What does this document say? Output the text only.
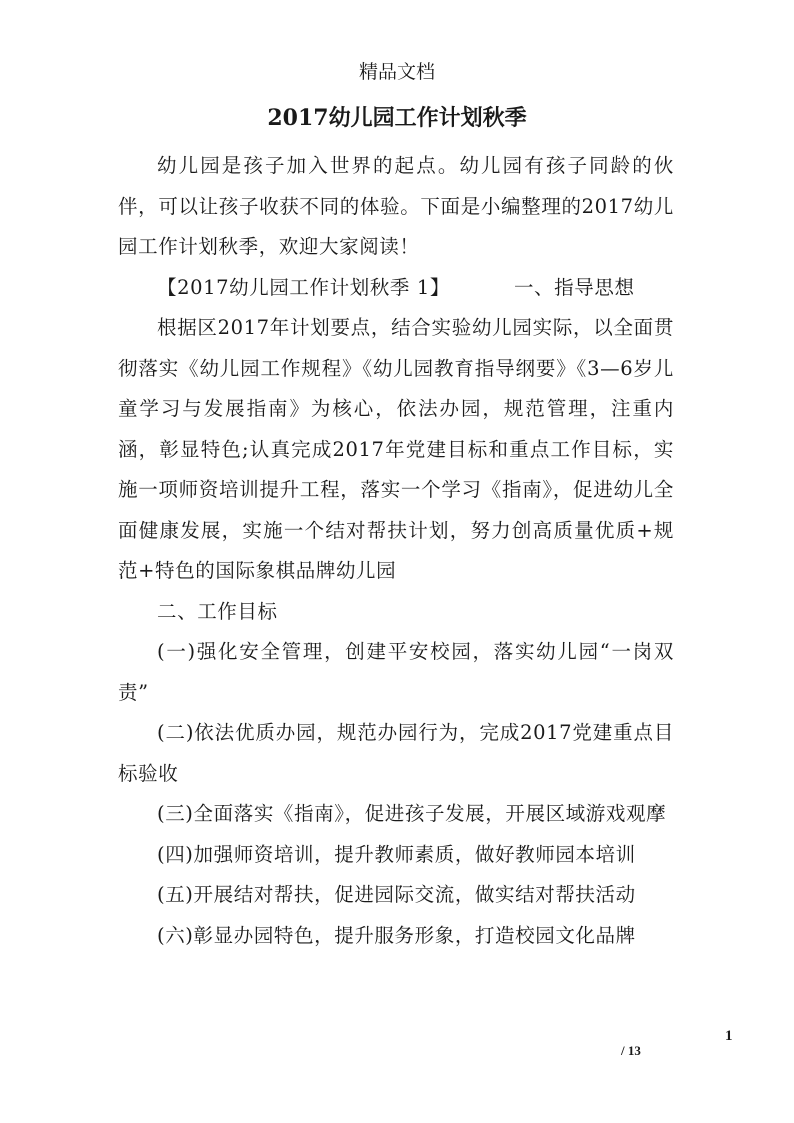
精品文档
2017幼儿园工作计划秋季

幼儿园是孩子加入世界的起点。幼儿园有孩子同龄的伙伴，可以让孩子收获不同的体验。下面是小编整理的2017幼儿园工作计划秋季，欢迎大家阅读！

【2017幼儿园工作计划秋季 1】	一、指导思想

根据区2017年计划要点，结合实验幼儿园实际，以全面贯彻落实《幼儿园工作规程》《幼儿园教育指导纲要》《3—6岁儿童学习与发展指南》为核心，依法办园，规范管理，注重内涵，彰显特色;认真完成2017年党建目标和重点工作目标，实施一项师资培训提升工程，落实一个学习《指南》，促进幼儿全面健康发展，实施一个结对帮扶计划，努力创高质量优质+规范+特色的国际象棋品牌幼儿园

二、工作目标

(一)强化安全管理，创建平安校园，落实幼儿园“一岗双责”

(二)依法优质办园，规范办园行为，完成2017党建重点目标验收

(三)全面落实《指南》，促进孩子发展，开展区域游戏观摩

(四)加强师资培训，提升教师素质，做好教师园本培训

(五)开展结对帮扶，促进园际交流，做实结对帮扶活动

(六)彰显办园特色，提升服务形象，打造校园文化品牌

1
/ 13
